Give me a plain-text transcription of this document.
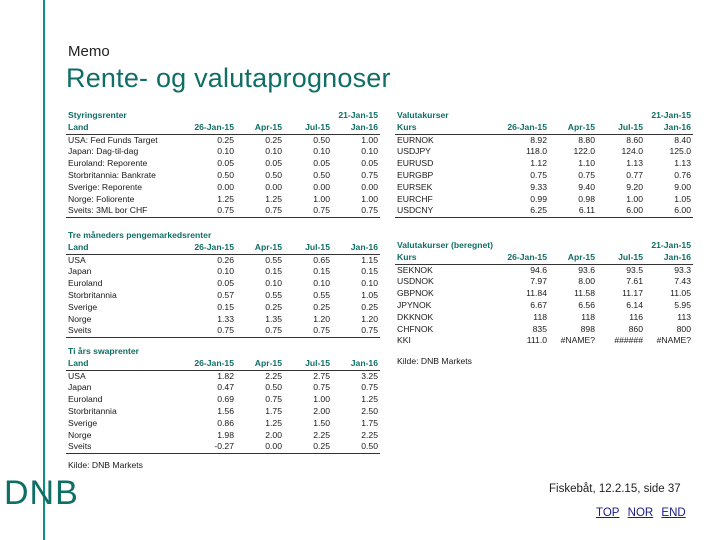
Memo
Rente- og valutaprognoser
Styringsrenter			21-Jan-15	
Land	26-Jan-15	Apr-15	Jul-15	Jan-16
USA: Fed Funds Target	0.25	0.25	0.50	1.00
Japan: Dag-til-dag	0.10	0.10	0.10	0.10
Euroland: Reporente	0.05	0.05	0.05	0.05
Storbritannia: Bankrate	0.50	0.50	0.50	0.75
Sverige: Reporente	0.00	0.00	0.00	0.00
Norge: Foliorente	1.25	1.25	1.00	1.00
Sveits: 3ML bor CHF	0.75	0.75	0.75	0.75
Tre måneders pengemarkedsrenter				
Land	26-Jan-15	Apr-15	Jul-15	Jan-16
USA	0.26	0.55	0.65	1.15
Japan	0.10	0.15	0.15	0.15
Euroland	0.05	0.10	0.10	0.10
Storbritannia	0.57	0.55	0.55	1.05
Sverige	0.15	0.25	0.25	0.25
Norge	1.33	1.35	1.20	1.20
Sveits	0.75	0.75	0.75	0.75
Ti års swaprenter				
Land	26-Jan-15	Apr-15	Jul-15	Jan-16
USA	1.82	2.25	2.75	3.25
Japan	0.47	0.50	0.75	0.75
Euroland	0.69	0.75	1.00	1.25
Storbritannia	1.56	1.75	2.00	2.50
Sverige	0.86	1.25	1.50	1.75
Norge	1.98	2.00	2.25	2.25
Sveits	-0.27	0.00	0.25	0.50
Kilde: DNB Markets
Valutakurser			21-Jan-15	
Kurs	26-Jan-15	Apr-15	Jul-15	Jan-16
EURNOK	8.92	8.80	8.60	8.40
USDJPY	118.0	122.0	124.0	125.0
EURUSD	1.12	1.10	1.13	1.13
EURGBP	0.75	0.75	0.77	0.76
EURSEK	9.33	9.40	9.20	9.00
EURCHF	0.99	0.98	1.00	1.05
USDCNY	6.25	6.11	6.00	6.00
Valutakurser (beregnet)			21-Jan-15	
Kurs	26-Jan-15	Apr-15	Jul-15	Jan-16
SEKNOK	94.6	93.6	93.5	93.3
USDNOK	7.97	8.00	7.61	7.43
GBPNOK	11.84	11.58	11.17	11.05
JPYNOK	6.67	6.56	6.14	5.95
DKKNOK	118	118	116	113
CHFNOK	835	898	860	800
KKI	111.0	#NAME?	######	#NAME?
Kilde: DNB Markets
DNB	Fiskebåt, 12.2.15, side 37
TOP NOR END
